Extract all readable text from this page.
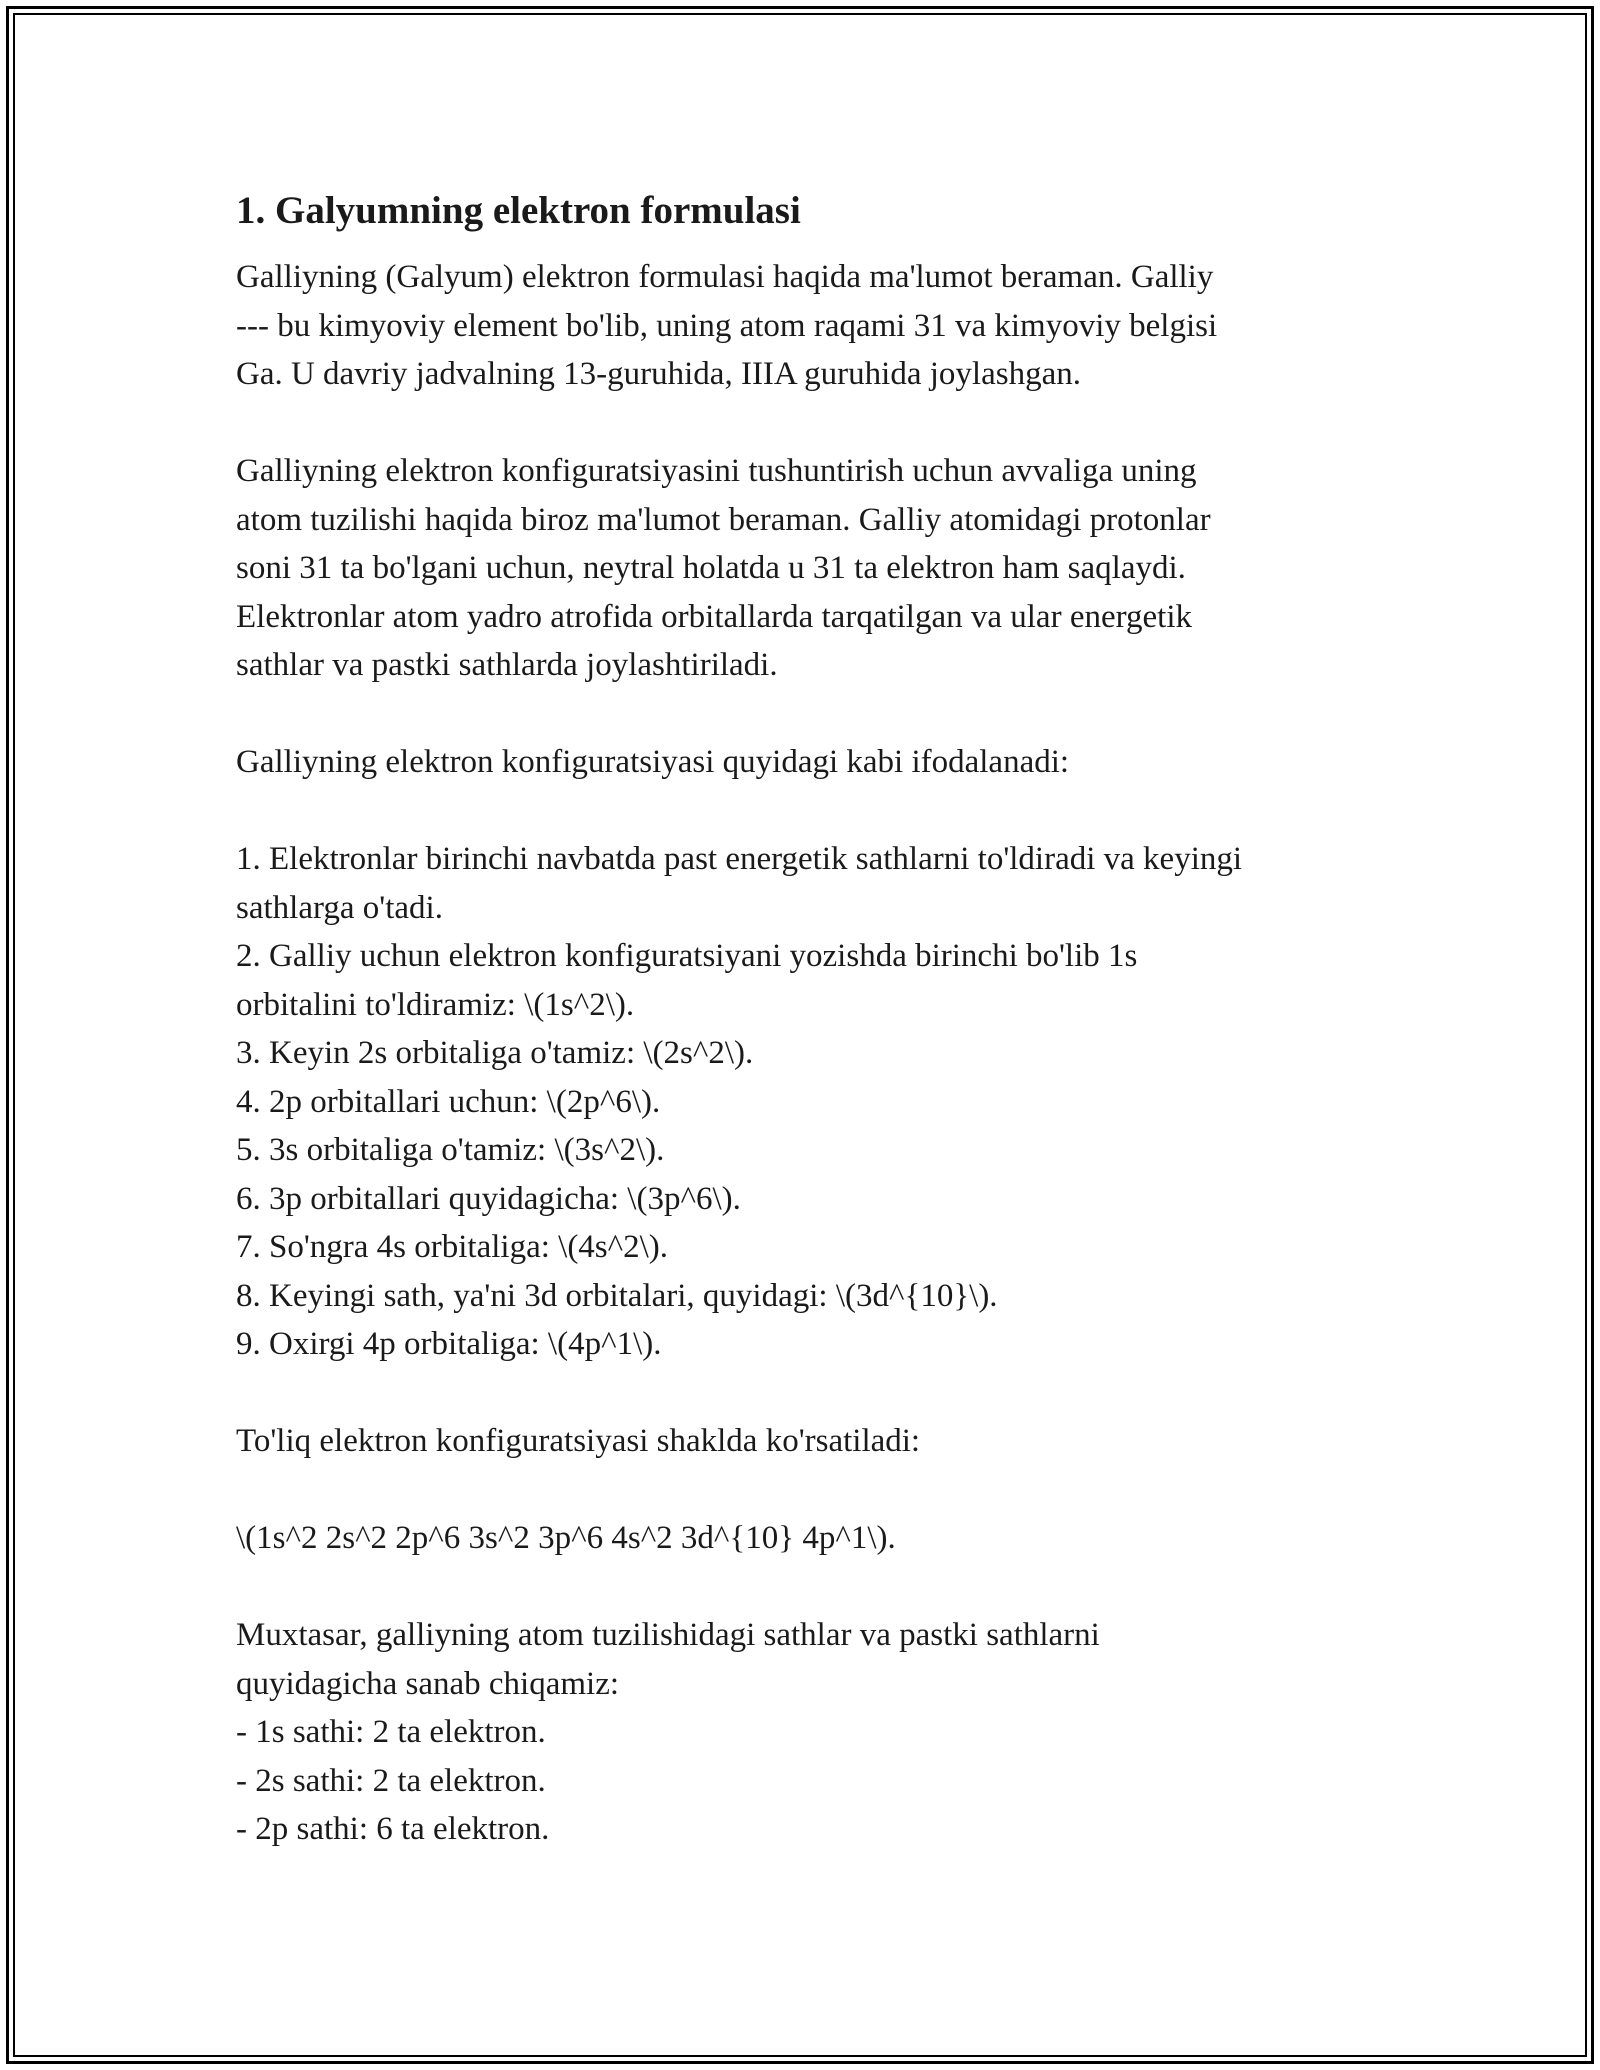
1. Galyumning elektron formulasi
Galliyning (Galyum) elektron formulasi haqida ma'lumot beraman. Galliy
--- bu kimyoviy element bo'lib, uning atom raqami 31 va kimyoviy belgisi
Ga. U davriy jadvalning 13-guruhida, IIIA guruhida joylashgan.
Galliyning elektron konfiguratsiyasini tushuntirish uchun avvaliga uning
atom tuzilishi haqida biroz ma'lumot beraman. Galliy atomidagi protonlar
soni 31 ta bo'lgani uchun, neytral holatda u 31 ta elektron ham saqlaydi.
Elektronlar atom yadro atrofida orbitallarda tarqatilgan va ular energetik
sathlar va pastki sathlarda joylashtiriladi.
Galliyning elektron konfiguratsiyasi quyidagi kabi ifodalanadi:
1. Elektronlar birinchi navbatda past energetik sathlarni to'ldiradi va keyingi
sathlarga o'tadi.
2. Galliy uchun elektron konfiguratsiyani yozishda birinchi bo'lib 1s
orbitalini to'ldiramiz: \(1s^2\).
3. Keyin 2s orbitaliga o'tamiz: \(2s^2\).
4. 2p orbitallari uchun: \(2p^6\).
5. 3s orbitaliga o'tamiz: \(3s^2\).
6. 3p orbitallari quyidagicha: \(3p^6\).
7. So'ngra 4s orbitaliga: \(4s^2\).
8. Keyingi sath, ya'ni 3d orbitalari, quyidagi: \(3d^{10}\).
9. Oxirgi 4p orbitaliga: \(4p^1\).
To'liq elektron konfiguratsiyasi shaklda ko'rsatiladi:
\(1s^2 2s^2 2p^6 3s^2 3p^6 4s^2 3d^{10} 4p^1\).
Muxtasar, galliyning atom tuzilishidagi sathlar va pastki sathlarni
quyidagicha sanab chiqamiz:
- 1s sathi: 2 ta elektron.
- 2s sathi: 2 ta elektron.
- 2p sathi: 6 ta elektron.
